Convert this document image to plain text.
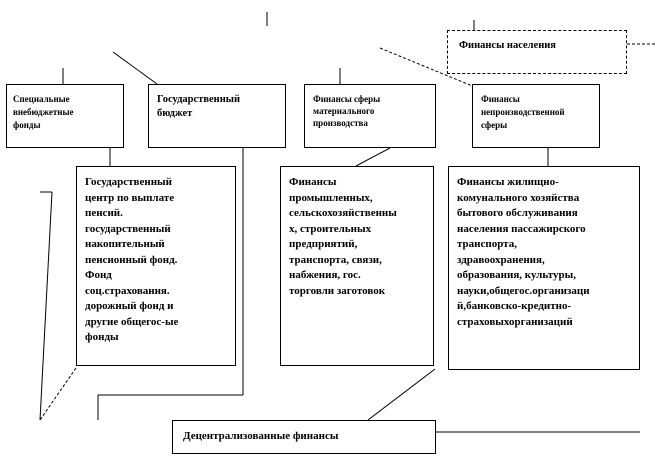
Финансы населения
Специальные
внебюджетные
фонды
Государственный
бюджет
Финансы сферы
материального
производства
Финансы
непроизводственной
сферы
Государственный
центр по выплате
пенсий.
государственный
накопительный
пенсионный фонд.
Фонд
соц.страховання.
дорожный фонд и
другие общегос-ые
фонды
Финансы
промышленных,
сельскохозяйственны
х, строительных
предприятий,
транспорта, связи,
набжения, гос.
торговли заготовок
Финансы жилищно-
комунального хозяйства
бытового обслуживания
населения пассажирского
транспорта,
здравоохранения,
образования, культуры,
науки,общегос.организаци
й,банковско-кредитно-
страховыхорганизаций
Децентрализованные финансы
